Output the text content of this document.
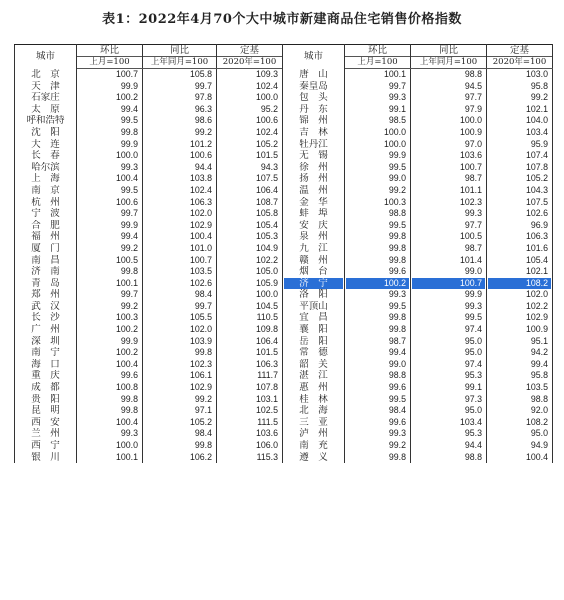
表1：2022年4月70个大中城市新建商品住宅销售价格指数
城市	环比	同比	定基	城市	环比	同比	定基
	上月=100	上年同月=100	2020年=100		上月=100	上年同月=100	2020年=100
北　京	100.7	105.8	109.3	唐　山	100.1	98.8	103.0
天　津	99.9	99.7	102.4	秦皇岛	99.7	94.5	95.8
石家庄	100.2	97.8	100.0	包　头	99.3	97.7	99.2
太　原	99.4	96.3	95.2	丹　东	99.1	97.9	102.1
呼和浩特	99.5	98.6	100.6	锦　州	98.5	100.0	104.0
沈　阳	99.8	99.2	102.4	吉　林	100.0	100.9	103.4
大　连	99.9	101.2	105.2	牡丹江	100.0	97.0	95.9
长　春	100.0	100.6	101.5	无　锡	99.9	103.6	107.4
哈尔滨	99.3	94.4	94.3	徐　州	99.5	100.7	107.8
上　海	100.4	103.8	107.5	扬　州	99.0	98.7	105.2
南　京	99.5	102.4	106.4	温　州	99.2	101.1	104.3
杭　州	100.6	106.3	108.7	金　华	100.3	102.3	107.5
宁　波	99.7	102.0	105.8	蚌　埠	98.8	99.3	102.6
合　肥	99.9	102.9	105.4	安　庆	99.5	97.7	96.9
福　州	99.4	100.4	105.3	泉　州	99.8	100.5	106.3
厦　门	99.2	101.0	104.9	九　江	99.8	98.7	101.6
南　昌	100.5	100.7	102.2	赣　州	99.8	101.4	105.4
济　南	99.8	103.5	105.0	烟　台	99.6	99.0	102.1
青　岛	100.1	102.6	105.9	济　宁	100.2	100.7	108.2

郑　州	99.7	98.4	100.0	洛　阳	99.3	99.9	102.0
武　汉	99.2	99.7	104.5	平顶山	99.5	99.3	102.2
长　沙	100.3	105.5	110.5	宜　昌	99.8	99.5	102.9
广　州	100.2	102.0	109.8	襄　阳	99.8	97.4	100.9
深　圳	99.9	103.9	106.4	岳　阳	98.7	95.0	95.1
南　宁	100.2	99.8	101.5	常　德	99.4	95.0	94.2
海　口	100.4	102.3	106.3	韶　关	99.0	97.4	99.4
重　庆	99.6	106.1	111.7	湛　江	98.8	95.3	95.8
成　都	100.8	102.9	107.8	惠　州	99.6	99.1	103.5
贵　阳	99.8	99.2	103.1	桂　林	99.5	97.3	98.8
昆　明	99.8	97.1	102.5	北　海	98.4	95.0	92.0
西　安	100.4	105.2	111.5	三　亚	99.6	103.4	108.2
兰　州	99.3	98.4	103.6	泸　州	99.3	95.3	95.0
西　宁	100.0	99.8	106.0	南　充	99.2	94.4	94.9
银　川	100.1	106.2	115.3	遵　义	99.8	98.8	100.4
